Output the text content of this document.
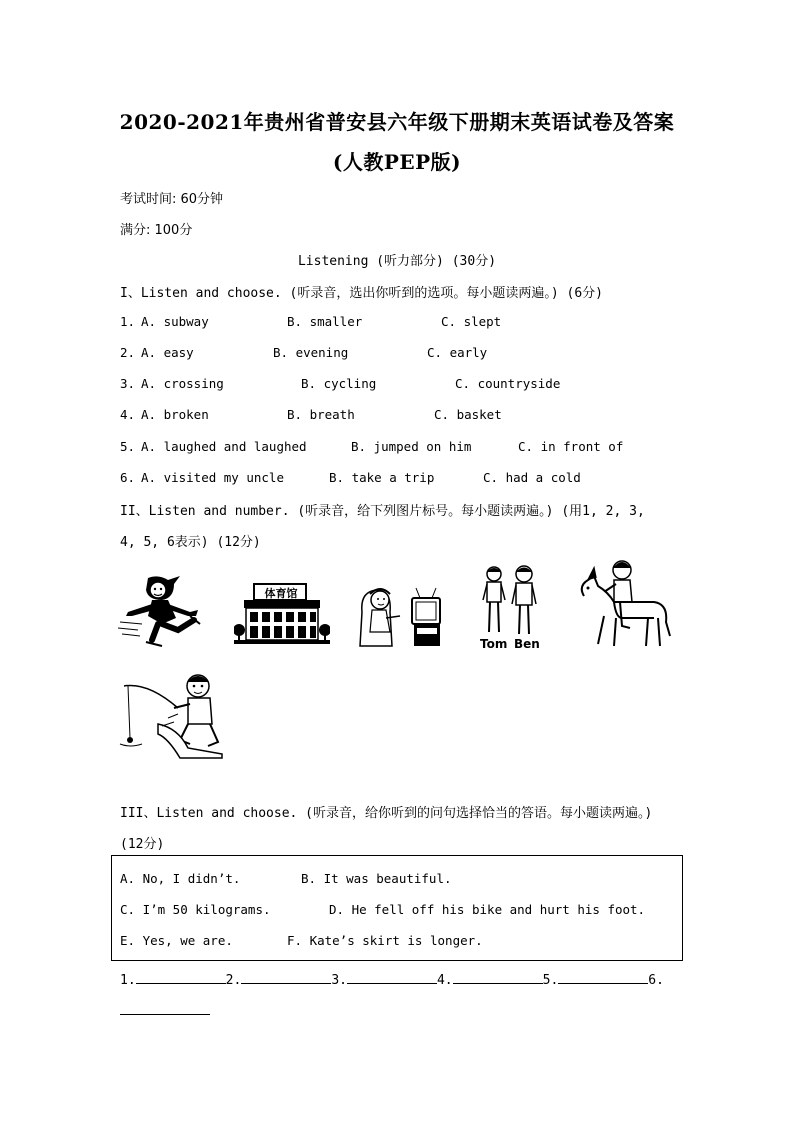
2020-2021年贵州省普安县六年级下册期末英语试卷及答案
(人教PEP版)
考试时间: 60分钟
满分: 100分
Listening (听力部分) (30分)
I、Listen and choose. (听录音，选出你听到的选项。每小题读两遍。) (6分)
1. A. subway	B. smaller	C. slept
2. A. easy	B. evening	C. early
3. A. crossing	B. cycling	C. countryside
4. A. broken	B. breath	C. basket
5. A. laughed and laughed	B. jumped on him	C. in front of
6. A. visited my uncle	B. take a trip	C. had a cold
II、Listen and number. (听录音，给下列图片标号。每小题读两遍。) (用1, 2, 3,
4, 5, 6表示) (12分)
体育馆
Tom Ben
III、Listen and choose. (听录音，给你听到的问句选择恰当的答语。每小题读两遍。)
(12分)
A. No, I didn’t.	B. It was beautiful.
C. I’m 50 kilograms.	D. He fell off his bike and hurt his foot.
E. Yes, we are.	F. Kate’s skirt is longer.
1.	2.	3.	4.	5.	6.
